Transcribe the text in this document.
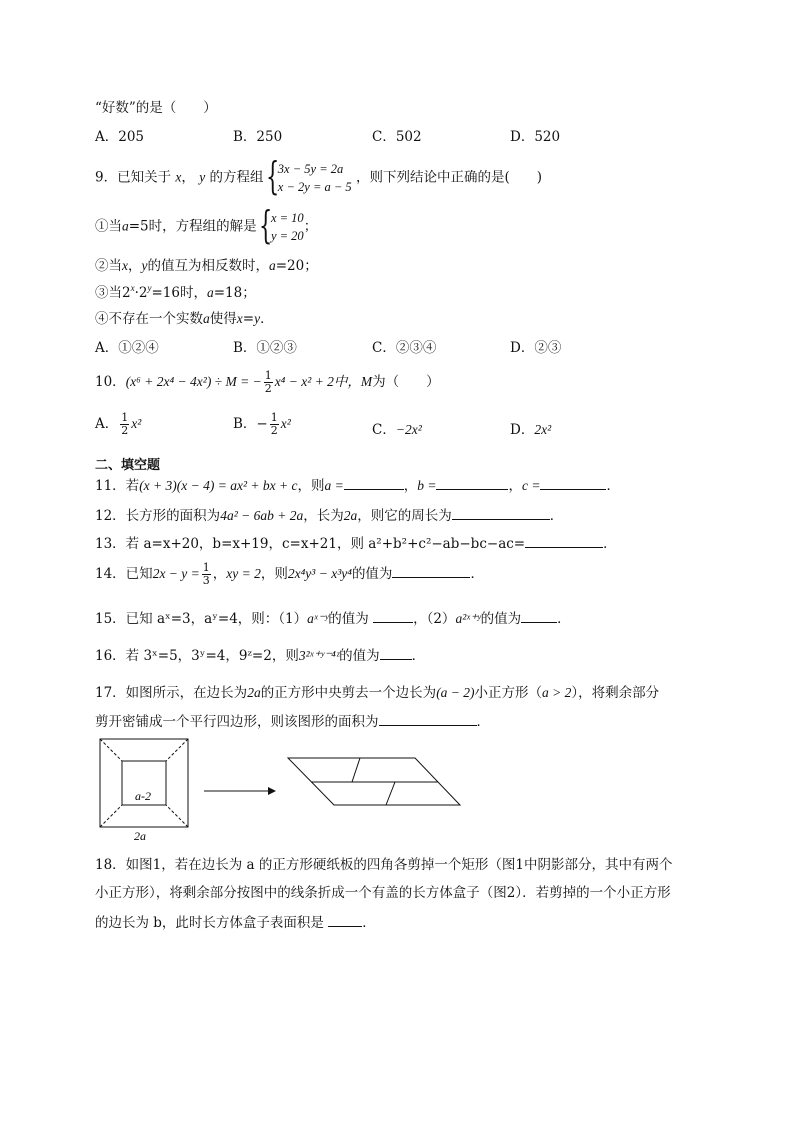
“好数”的是（　　）
A．205	B．250	C．502	D．520
9．已知关于 x， y 的方程组 {
3x − 5y = 2a
x − 2y = a − 5
，则下列结论中正确的是(　　)
①当a=5时，方程组的解是 {
x = 10
y = 20
；
②当x，y的值互为相反数时，a=20；
③当$2^x\cdot 2^y=16$时，a=18；
④不存在一个实数a使得x=y．
A．①②④	B．①②③	C．②③④	D．②③
10．(x⁶ + 2x⁴ − 4x²) ÷ M = − $\frac{1}{2} x^4 - x^2 + 2$中，M为（　　）
A． $\frac{1}{2} x^2$	B．− $\frac{1}{2} x^2$	C．−2x²	D．2x²
二、填空题
11．若(x + 3)(x − 4) = ax² + bx + c，则a =	，b =	，c =	．
12．长方形的面积为4a² − 6ab + 2a，长为2a，则它的周长为	．
13．若 a=x+20，b=x+19，c=x+21，则 a²+b²+c²−ab−bc−ac=	．
14．已知$2x - y = \frac{1}{3}$ ，xy = 2，则2x⁴y³ − x³y⁴的值为	．
15．已知 aˣ=3，aʸ=4，则：（1）aˣ⁻ʸ的值为	，（2）a²ˣ⁺ʸ的值为	．
16．若 3ˣ=5，3ʸ=4，9ᶻ=2，则3²ˣ⁺ʸ⁻⁴ᶻ的值为 ．
17．如图所示，在边长为2a的正方形中央剪去一个边长为(a − 2)小正方形（a > 2），将剩余部分
剪开密铺成一个平行四边形，则该图形的面积为	．
a-2
2a
18．如图1，若在边长为 a 的正方形硬纸板的四角各剪掉一个矩形（图1中阴影部分，其中有两个
小正方形），将剩余部分按图中的线条折成一个有盖的长方体盒子（图2）．若剪掉的一个小正方形
的边长为 b，此时长方体盒子表面积是	．
